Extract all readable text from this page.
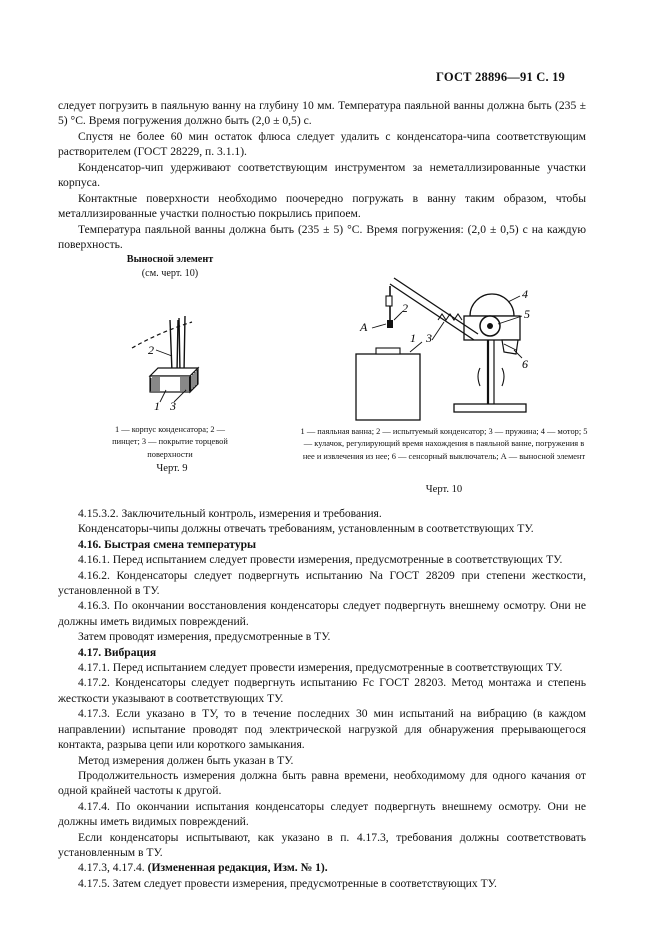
ГОСТ 28896—91 С. 19
следует погрузить в паяльную ванну на глубину 10 мм. Температура паяльной ванны должна быть (235 ± 5) °С. Время погружения должно быть (2,0 ± 0,5) с.
Спустя не более 60 мин остаток флюса следует удалить с конденсатора-чипа соответствующим растворителем (ГОСТ 28229, п. 3.1.1).
Конденсатор-чип удерживают соответствующим инструментом за неметаллизированные участки корпуса.
Контактные поверхности необходимо поочередно погружать в ванну таким образом, чтобы металлизированные участки полностью покрылись припоем.
Температура паяльной ванны должна быть (235 ± 5) °С. Время погружения: (2,0 ± 0,5) с на каждую поверхность.
Выносной элемент
(см. черт. 10)
2
1 3
1 — корпус конденсатора; 2 — пинцет; 3 — покрытие торцевой поверхности
Черт. 9
А
2
1 3
4
5
6
1 — паяльная ванна; 2 — испытуемый конденсатор; 3 — пружина; 4 — мотор; 5 — кулачок, регулирующий время нахождения в паяльной ванне, погружения в нее и извлечения из нее; 6 — сенсорный выключатель; А — выносной элемент
Черт. 10

4.15.3.2. Заключительный контроль, измерения и требования.

Конденсаторы-чипы должны отвечать требованиям, установленным в соответствующих ТУ.

4.16. Быстрая смена температуры

4.16.1. Перед испытанием следует провести измерения, предусмотренные в соответствующих ТУ.

4.16.2. Конденсаторы следует подвергнуть испытанию Na ГОСТ 28209 при степени жесткости, установленной в ТУ.

4.16.3. По окончании восстановления конденсаторы следует подвергнуть внешнему осмотру. Они не должны иметь видимых повреждений.

Затем проводят измерения, предусмотренные в ТУ.

4.17. Вибрация

4.17.1. Перед испытанием следует провести измерения, предусмотренные в соответствующих ТУ.

4.17.2. Конденсаторы следует подвергнуть испытанию Fc ГОСТ 28203. Метод монтажа и степень жесткости указывают в соответствующих ТУ.

4.17.3. Если указано в ТУ, то в течение последних 30 мин испытаний на вибрацию (в каждом направлении) испытание проводят под электрической нагрузкой для обнаружения прерывающегося контакта, разрыва цепи или короткого замыкания.

Метод измерения должен быть указан в ТУ.

Продолжительность измерения должна быть равна времени, необходимому для одного качания от одной крайней частоты к другой.

4.17.4. По окончании испытания конденсаторы следует подвергнуть внешнему осмотру. Они не должны иметь видимых повреждений.

Если конденсаторы испытывают, как указано в п. 4.17.3, требования должны соответствовать установленным в ТУ.

4.17.3, 4.17.4. (Измененная редакция, Изм. № 1).

4.17.5. Затем следует провести измерения, предусмотренные в соответствующих ТУ.
